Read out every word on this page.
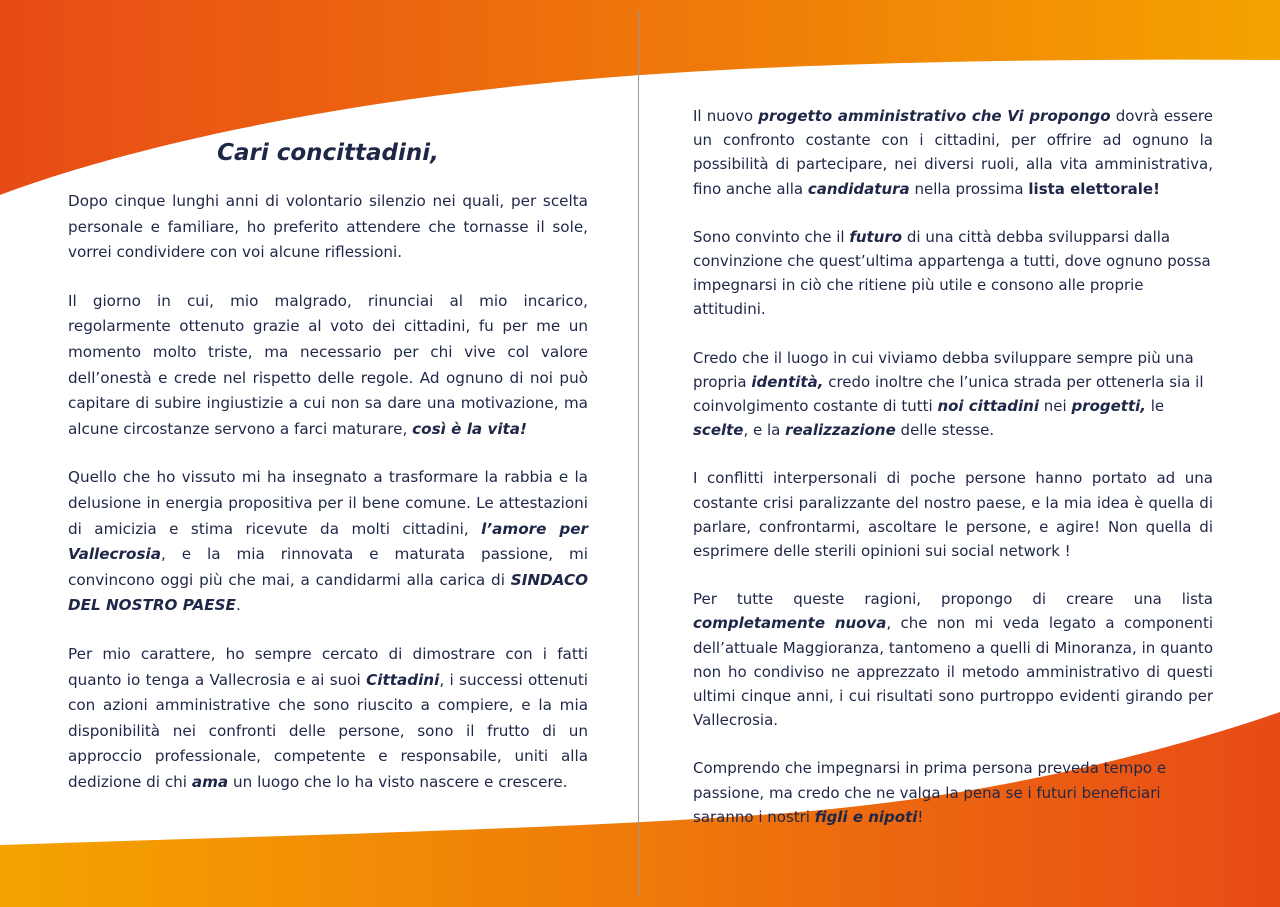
Cari concittadini,

Dopo cinque lunghi anni di volontario silenzio nei quali, per scelta personale e familiare, ho preferito attendere che tornasse il sole, vorrei condividere con voi alcune riflessioni.

Il giorno in cui, mio malgrado, rinunciai al mio incarico, regolarmente ottenuto grazie al voto dei cittadini, fu per me un momento molto triste, ma necessario per chi vive col valore dell’onestà e crede nel rispetto delle regole. Ad ognuno di noi può capitare di subire ingiustizie a cui non sa dare una motivazione, ma alcune circostanze servono a farci maturare, così è la vita!

Quello che ho vissuto mi ha insegnato a trasformare la rabbia e la delusione in energia propositiva per il bene comune. Le attestazioni di amicizia e stima ricevute da molti cittadini, l’amore per Vallecrosia, e la mia rinnovata e maturata passione, mi convincono oggi più che mai, a candidarmi alla carica di SINDACO DEL NOSTRO PAESE.

Per mio carattere, ho sempre cercato di dimostrare con i fatti quanto io tenga a Vallecrosia e ai suoi Cittadini, i successi ottenuti con azioni amministrative che sono riuscito a compiere, e la mia disponibilità nei confronti delle persone, sono il frutto di un approccio professionale, competente e responsabile, uniti alla dedizione di chi ama un luogo che lo ha visto nascere e crescere.

Il nuovo progetto amministrativo che Vi propongo dovrà essere un confronto costante con i cittadini, per offrire ad ognuno la possibilità di partecipare, nei diversi ruoli, alla vita amministrativa, fino anche alla candidatura nella prossima lista elettorale!

Sono convinto che il futuro di una città debba svilupparsi dalla convinzione che quest’ultima appartenga a tutti, dove ognuno possa impegnarsi in ciò che ritiene più utile e consono alle proprie attitudini.

Credo che il luogo in cui viviamo debba sviluppare sempre più una propria identità, credo inoltre che l’unica strada per ottenerla sia il coinvolgimento costante di tutti noi cittadini nei progetti, le scelte, e la realizzazione delle stesse.

I conflitti interpersonali di poche persone hanno portato ad una costante crisi paralizzante del nostro paese, e la mia idea è quella di parlare, confrontarmi, ascoltare le persone, e agire! Non quella di esprimere delle sterili opinioni sui social network !

Per tutte queste ragioni, propongo di creare una lista completamente nuova, che non mi veda legato a componenti dell’attuale Maggioranza, tantomeno a quelli di Minoranza, in quanto non ho condiviso ne apprezzato il metodo amministrativo di questi ultimi cinque anni, i cui risultati sono purtroppo evidenti girando per Vallecrosia.

Comprendo che impegnarsi in prima persona preveda tempo e passione, ma credo che ne valga la pena se i futuri beneficiari saranno i nostri figli e nipoti!
